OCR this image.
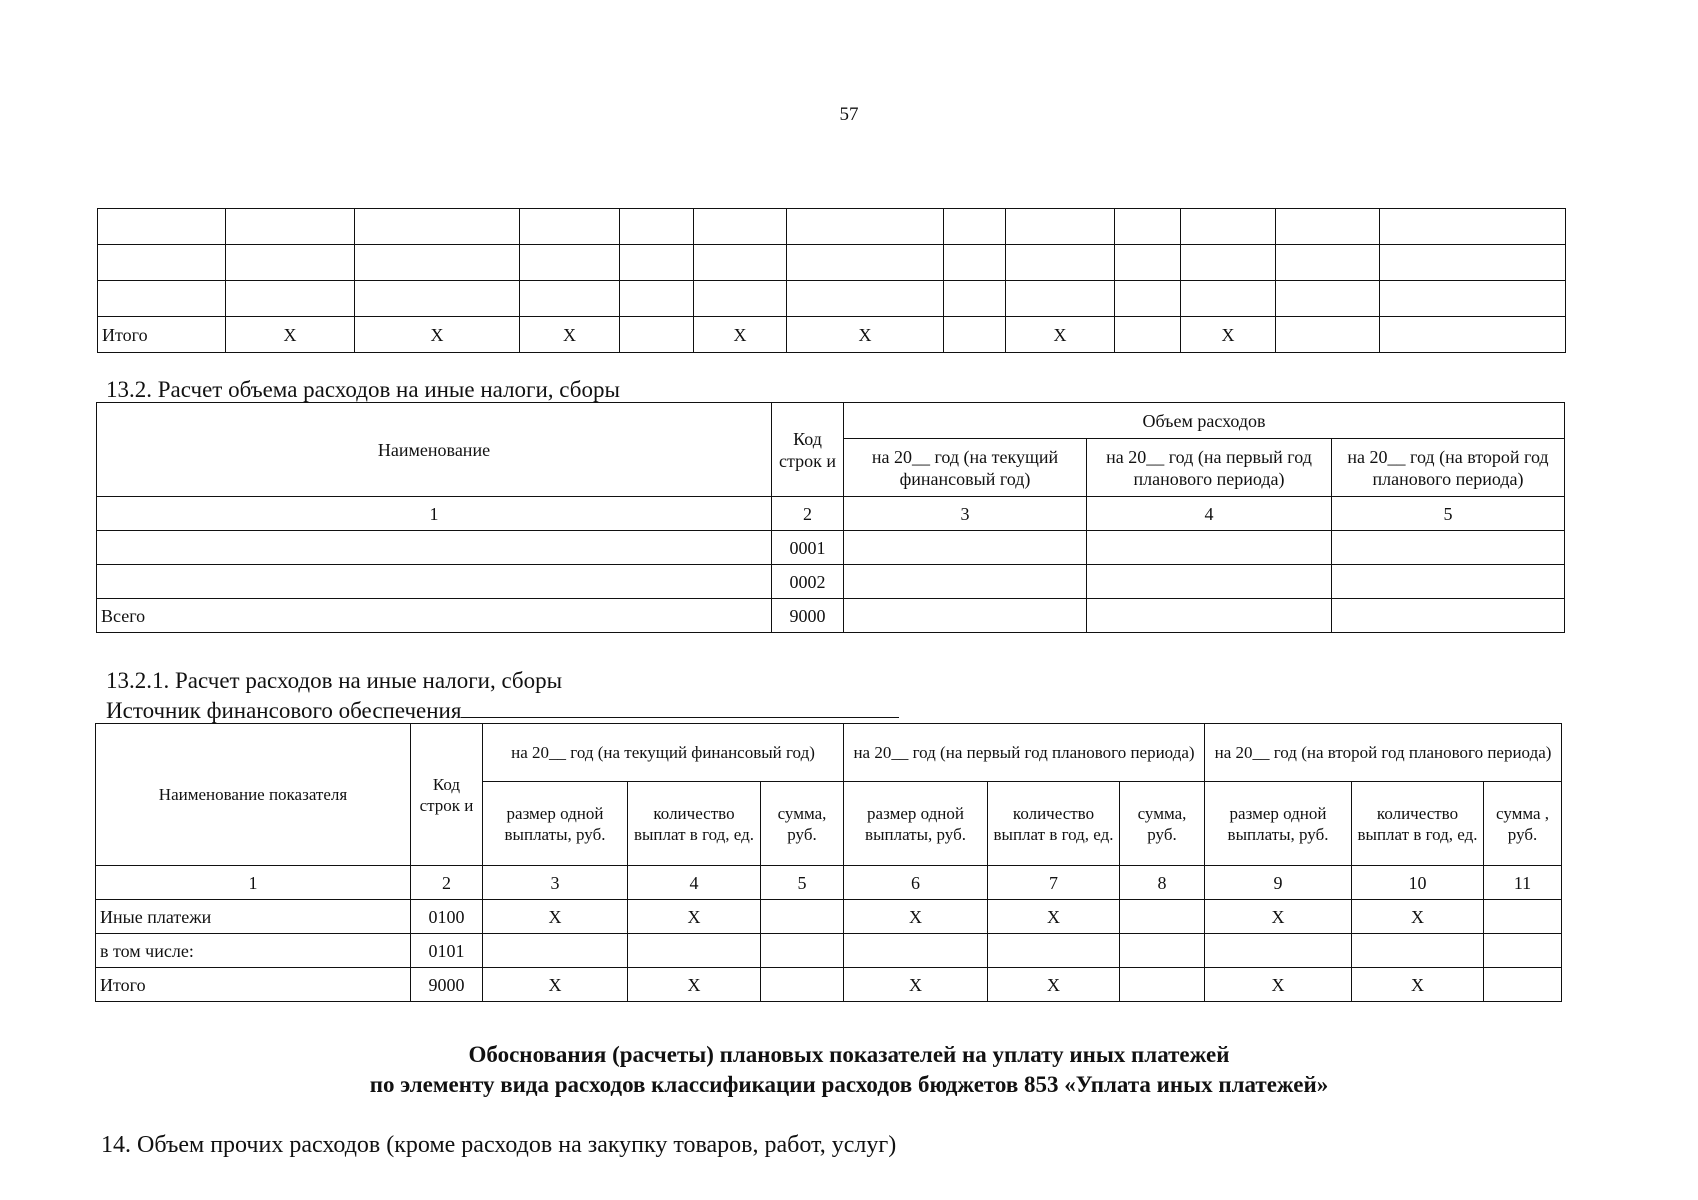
57

Итого	X	X	X		X	X		X		X		
13.2. Расчет объема расходов на иные налоги, сборы
Наименование	Код строк и	Объем расходов		
		на 20__ год (на текущий финансовый год)	на 20__ год (на первый год планового периода)	на 20__ год (на второй год планового периода)
1	2	3	4	5
	0001			
	0002			
Всего	9000			
13.2.1. Расчет расходов на иные налоги, сборы
Источник финансового обеспечения
Наименование показателя	Код строк и	на 20__ год (на текущий финансовый год)			на 20__ год (на первый год планового периода)			на 20__ год (на второй год планового периода)		
		размер одной выплаты, руб.	количество выплат в год, ед.	сумма, руб.	размер одной выплаты, руб.	количество выплат в год, ед.	сумма, руб.	размер одной выплаты, руб.	количество выплат в год, ед.	сумма , руб.
1	2	3	4	5	6	7	8	9	10	11
Иные платежи	0100	X	X		X	X		X	X	
в том числе:	0101									
Итого	9000	X	X		X	X		X	X	
Обоснования (расчеты) плановых показателей на уплату иных платежей
по элементу вида расходов классификации расходов бюджетов 853 «Уплата иных платежей»
14. Объем прочих расходов (кроме расходов на закупку товаров, работ, услуг)
